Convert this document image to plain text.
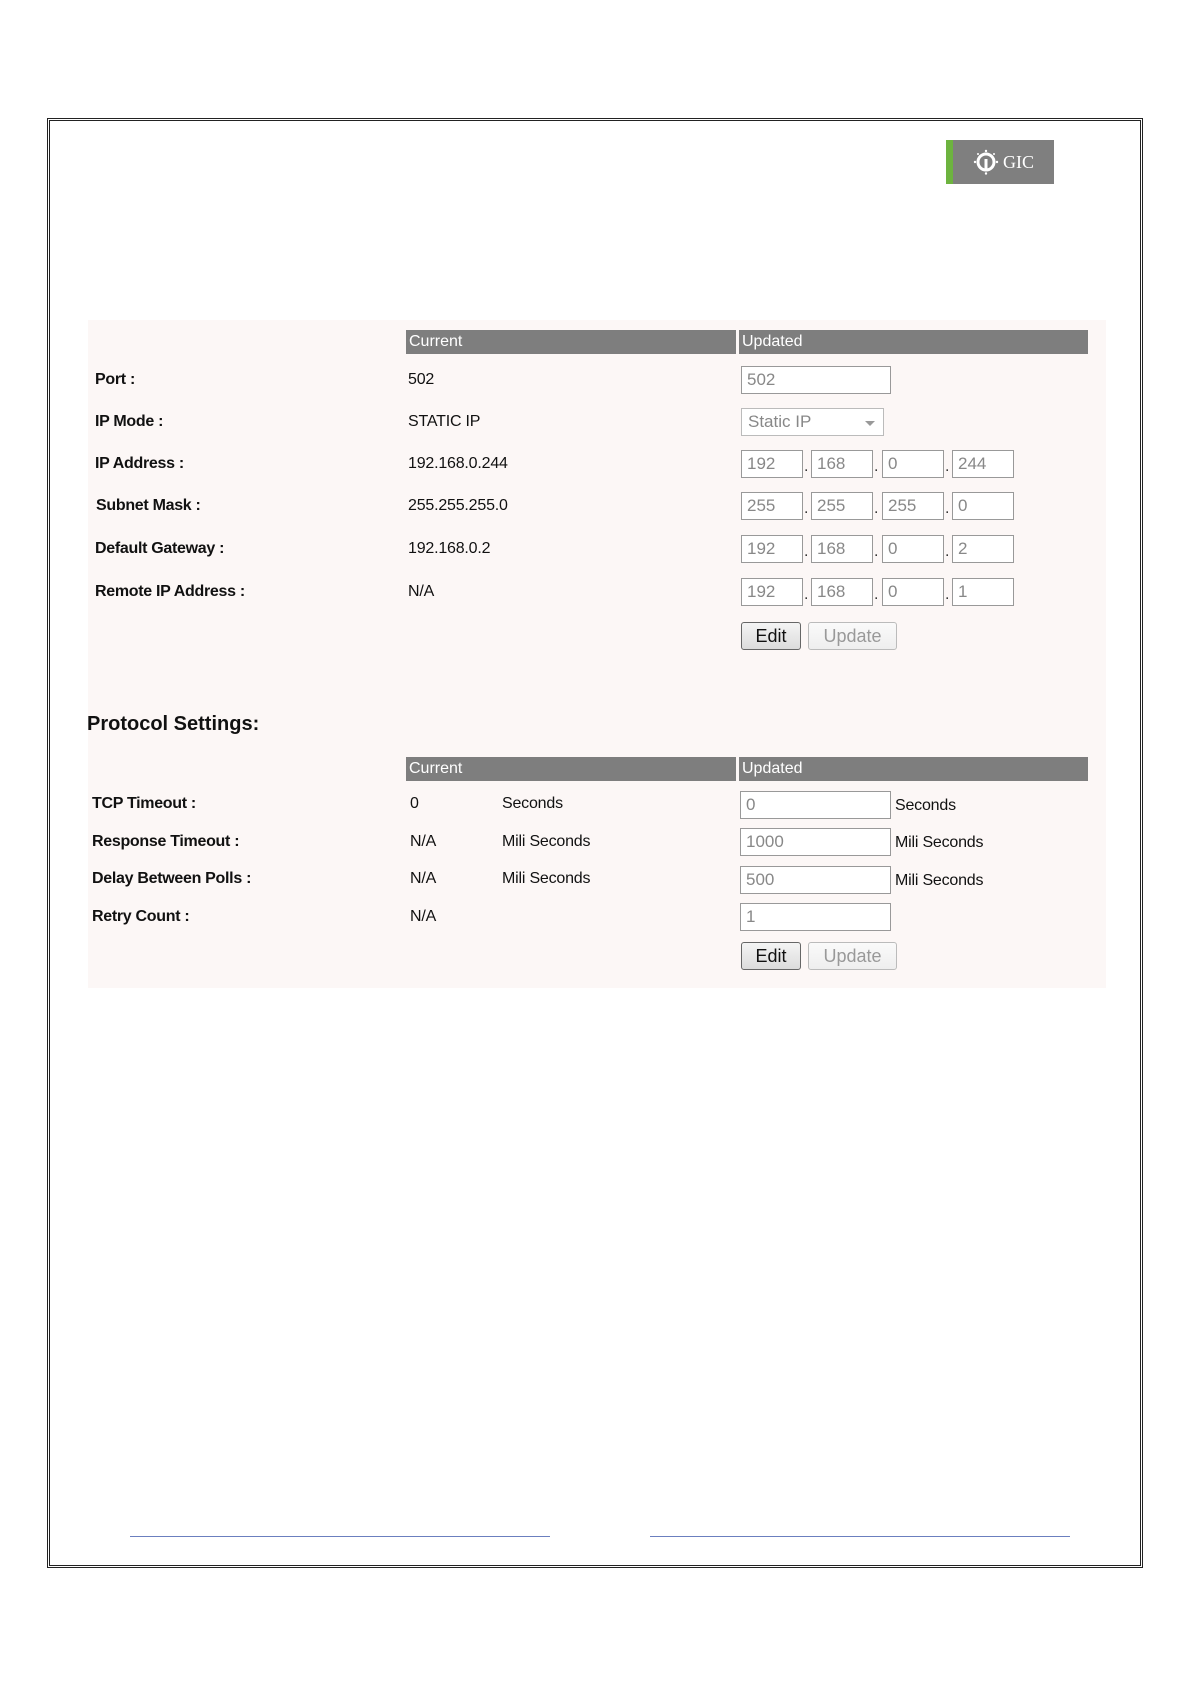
GIC
Current	Updated
Port :	502	502
IP Mode :	STATIC IP	Static IP
IP Address :	192.168.0.244	192	. 168	. 0	. 244
Subnet Mask :	255.255.255.0	255	. 255	. 255	. 0
Default Gateway :	192.168.0.2	192	. 168	. 0	. 2
Remote IP Address :	N/A	192	. 168	. 0	. 1
Edit	Update
Protocol Settings:
Current	Updated
TCP Timeout :	0	Seconds	0	Seconds
Response Timeout :	N/A	Mili Seconds	1000	Mili Seconds
Delay Between Polls :	N/A	Mili Seconds	500	Mili Seconds
Retry Count :	N/A	1
Edit	Update
